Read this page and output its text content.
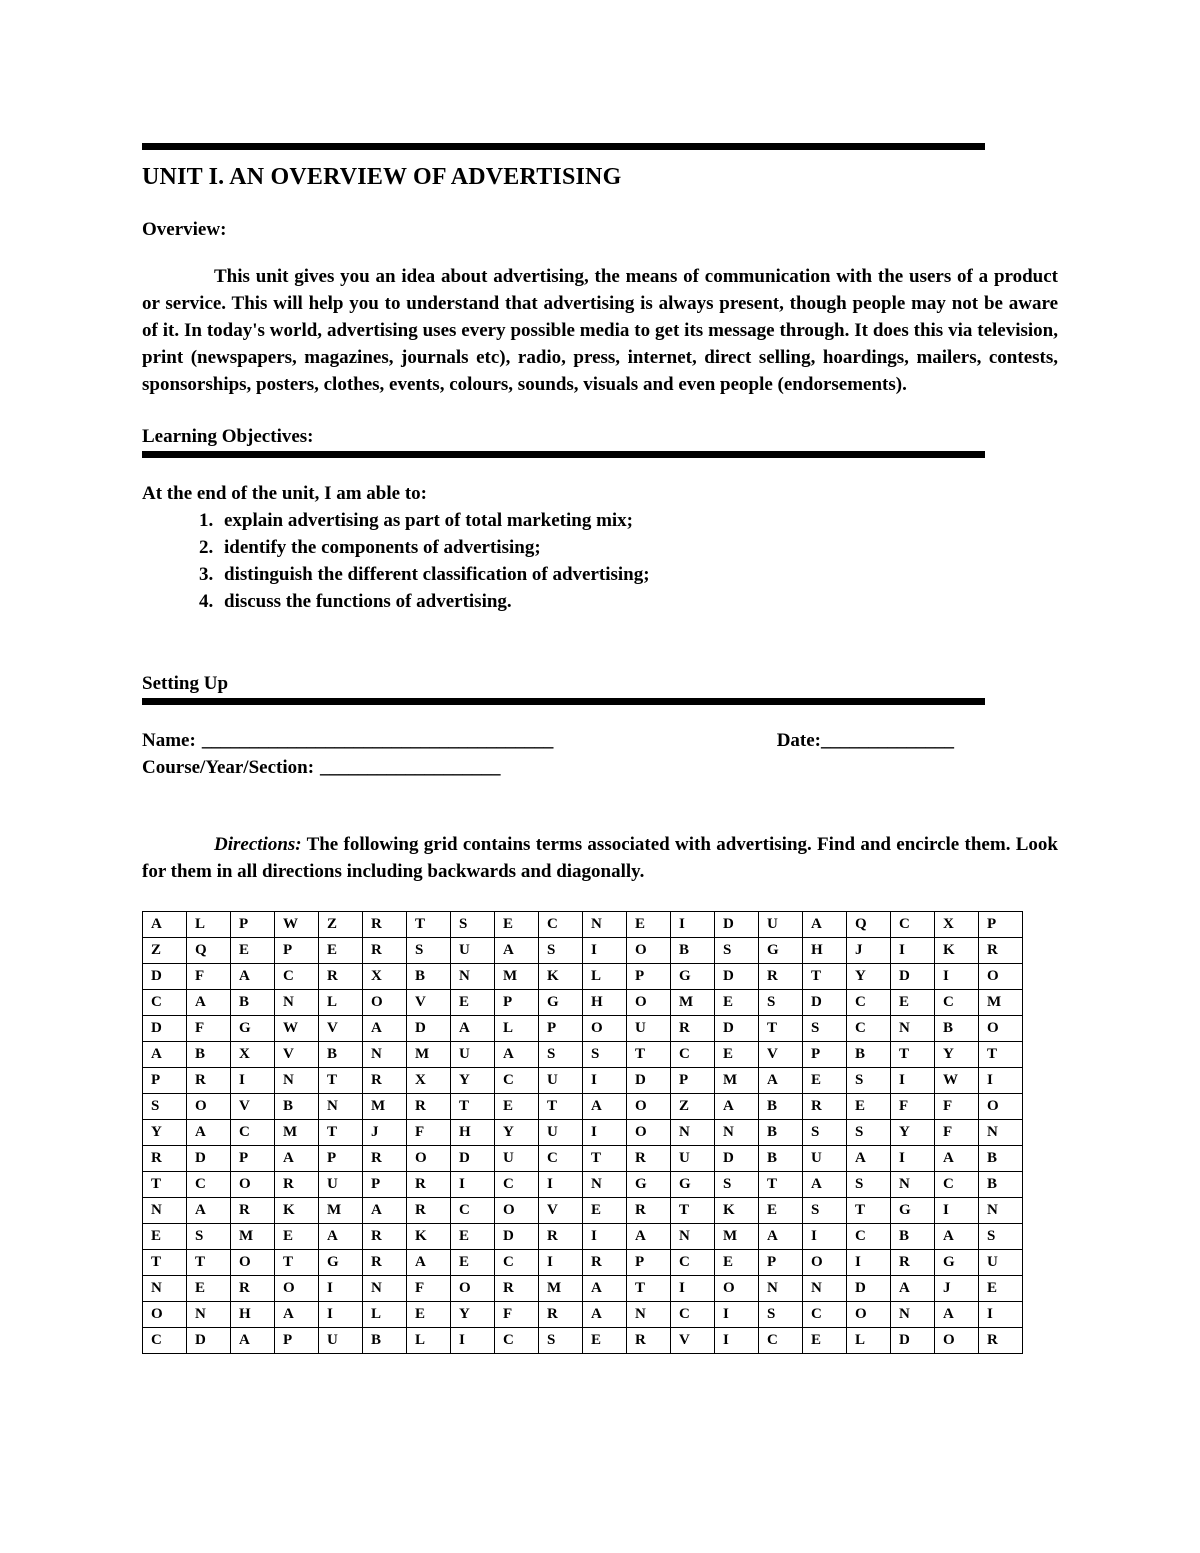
UNIT I. AN OVERVIEW OF ADVERTISING
Overview:

This unit gives you an idea about advertising, the means of communication with the users of a product or service. This will help you to understand that advertising is always present, though people may not be aware of it. In today's world, advertising uses every possible media to get its message through. It does this via television, print (newspapers, magazines, journals etc), radio, press, internet, direct selling, hoardings, mailers, contests, sponsorships, posters, clothes, events, colours, sounds, visuals and even people (endorsements).

Learning Objectives:
At the end of the unit, I am able to:
1. explain advertising as part of total marketing mix;
2. identify the components of advertising;
3. distinguish the different classification of advertising;
4. discuss the functions of advertising.
Setting Up
Name: _____________________________________	Date:______________
Course/Year/Section: ___________________

Directions: The following grid contains terms associated with advertising. Find and encircle them. Look for them in all directions including backwards and diagonally.

A	L	P	W	Z	R	T	S	E	C	N	E	I	D	U	A	Q	C	X	P
Z	Q	E	P	E	R	S	U	A	S	I	O	B	S	G	H	J	I	K	R
D	F	A	C	R	X	B	N	M	K	L	P	G	D	R	T	Y	D	I	O
C	A	B	N	L	O	V	E	P	G	H	O	M	E	S	D	C	E	C	M
D	F	G	W	V	A	D	A	L	P	O	U	R	D	T	S	C	N	B	O
A	B	X	V	B	N	M	U	A	S	S	T	C	E	V	P	B	T	Y	T
P	R	I	N	T	R	X	Y	C	U	I	D	P	M	A	E	S	I	W	I
S	O	V	B	N	M	R	T	E	T	A	O	Z	A	B	R	E	F	F	O
Y	A	C	M	T	J	F	H	Y	U	I	O	N	N	B	S	S	Y	F	N
R	D	P	A	P	R	O	D	U	C	T	R	U	D	B	U	A	I	A	B
T	C	O	R	U	P	R	I	C	I	N	G	G	S	T	A	S	N	C	B
N	A	R	K	M	A	R	C	O	V	E	R	T	K	E	S	T	G	I	N
E	S	M	E	A	R	K	E	D	R	I	A	N	M	A	I	C	B	A	S
T	T	O	T	G	R	A	E	C	I	R	P	C	E	P	O	I	R	G	U
N	E	R	O	I	N	F	O	R	M	A	T	I	O	N	N	D	A	J	E
O	N	H	A	I	L	E	Y	F	R	A	N	C	I	S	C	O	N	A	I
C	D	A	P	U	B	L	I	C	S	E	R	V	I	C	E	L	D	O	R
